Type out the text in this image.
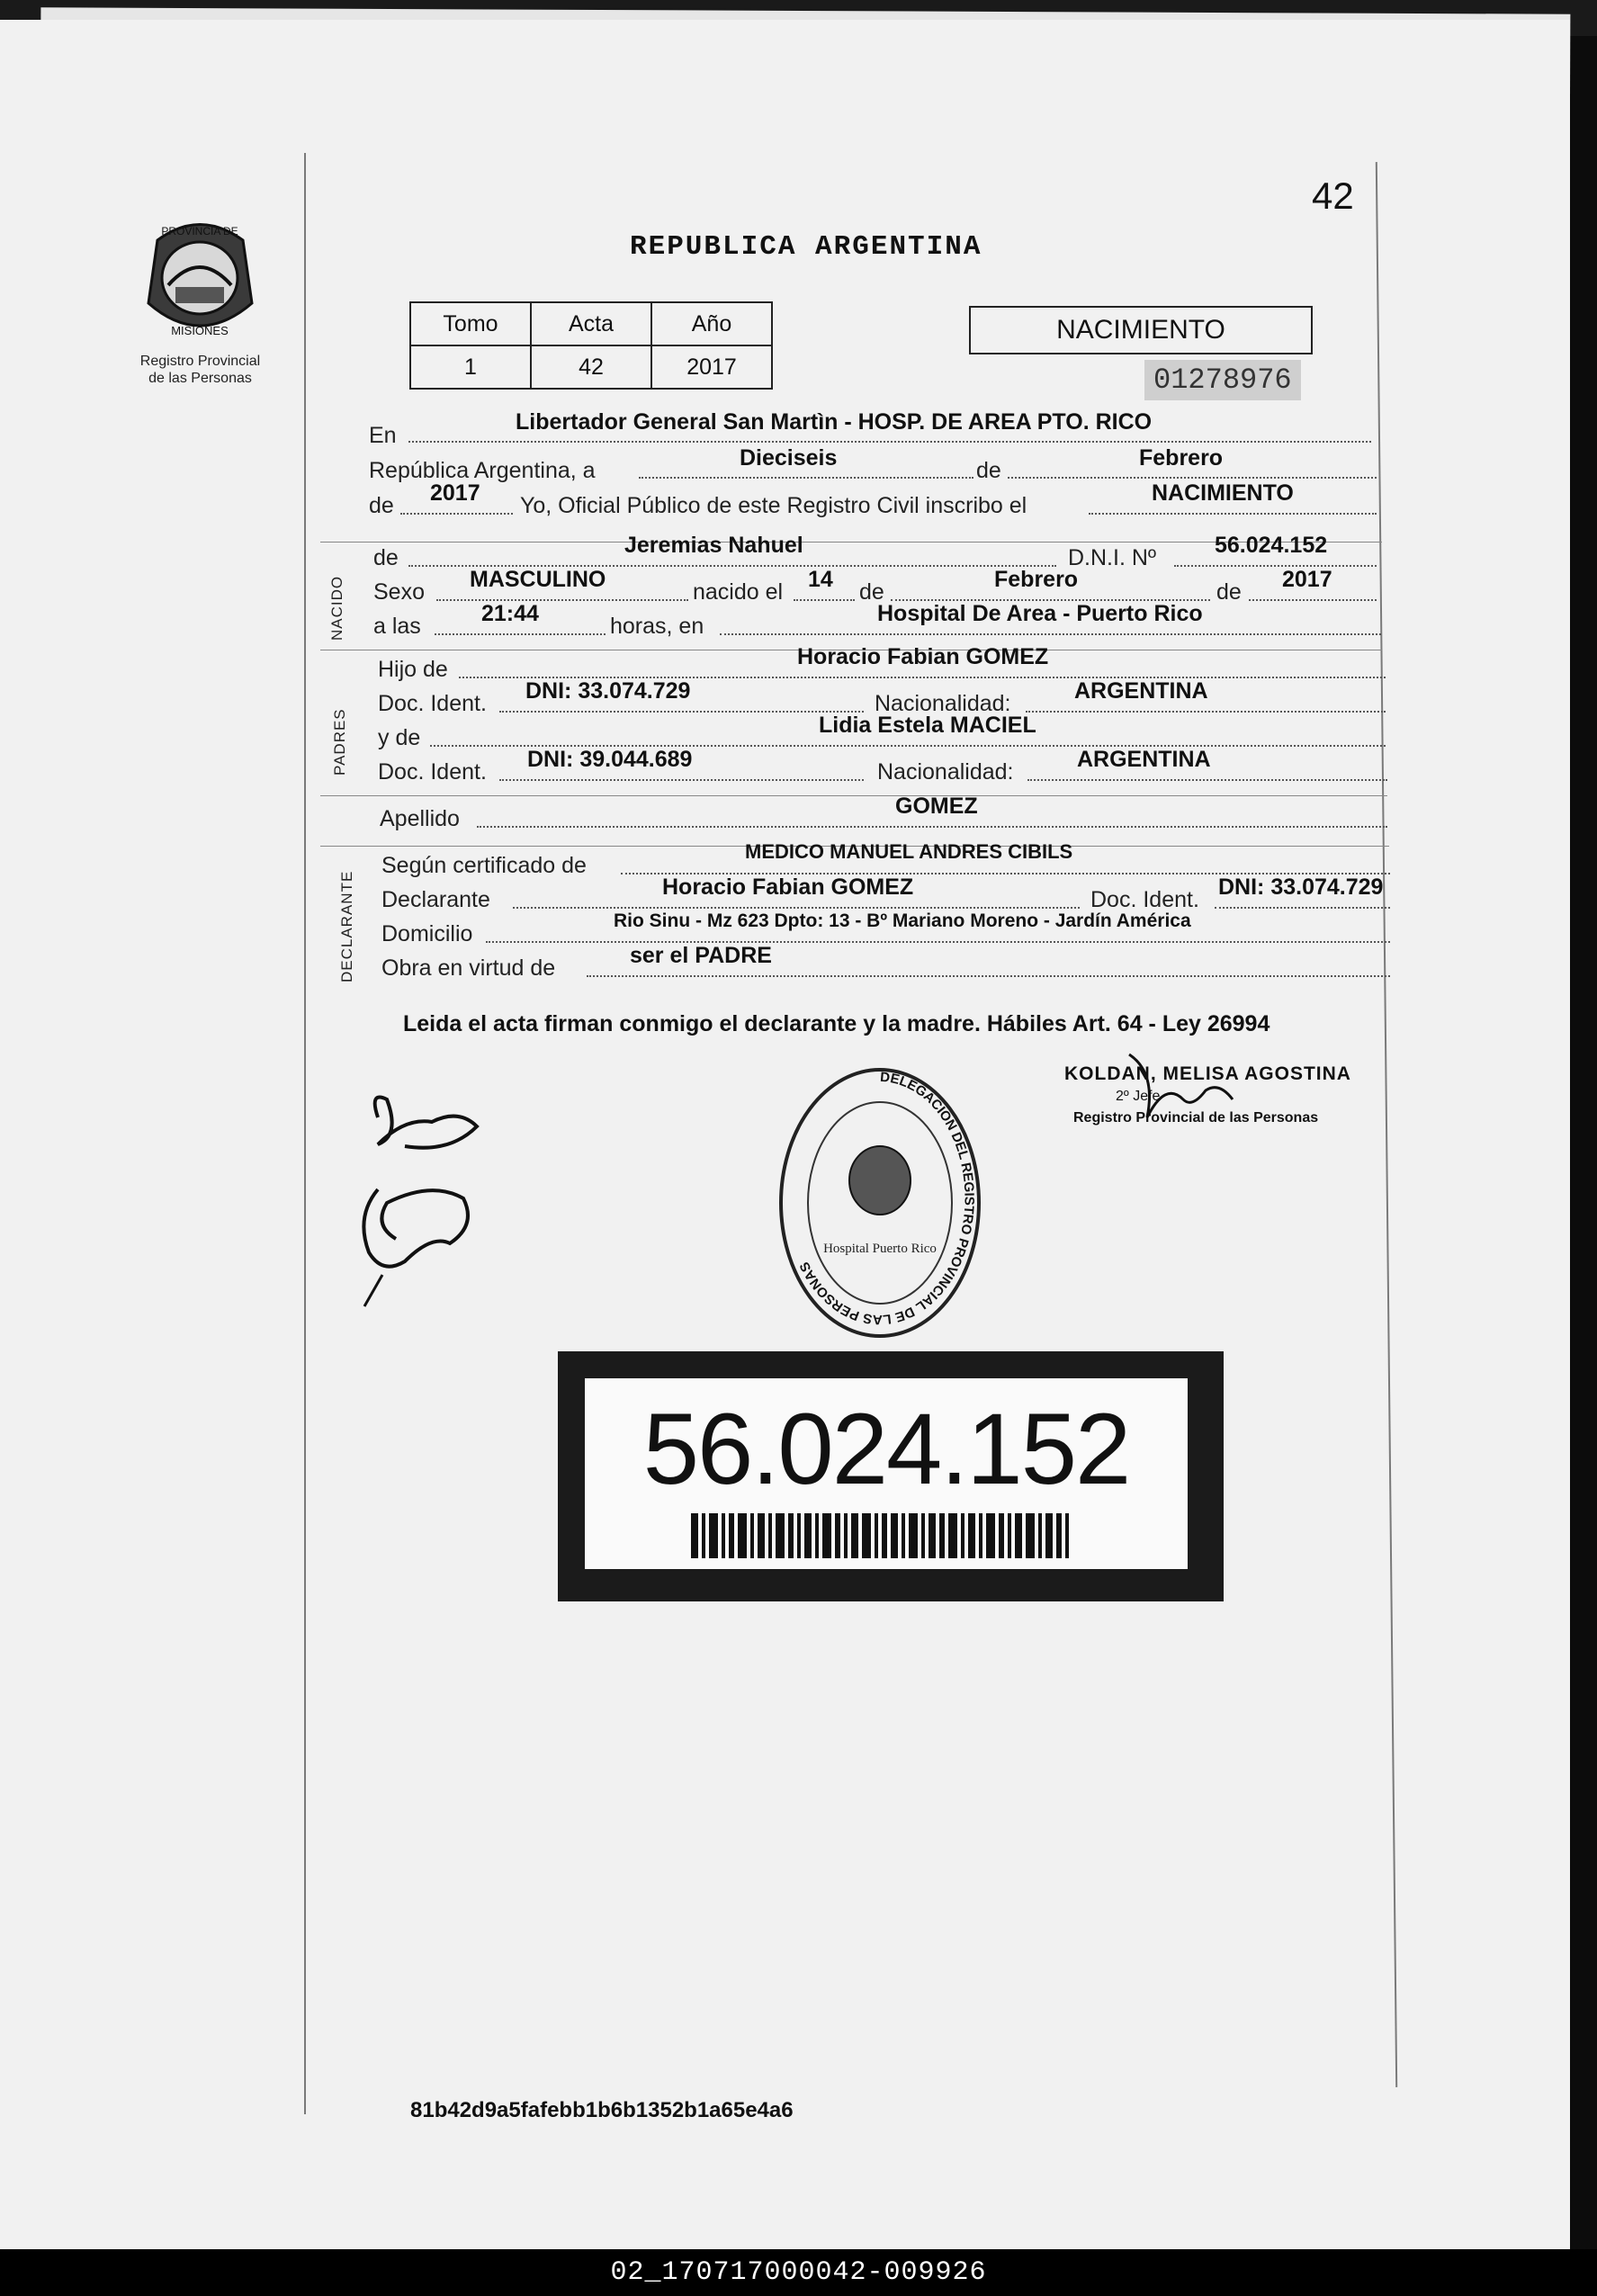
PROVINCIA DE
MISIONES
Registro Provincial
de las Personas
42
REPUBLICA ARGENTINA
Tomo	Acta	Año
1	42	2017
NACIMIENTO
01278976
En
Libertador General San Martìn - HOSP. DE AREA PTO. RICO
República Argentina, a	Dieciseis	de	Febrero
de 2017 Yo, Oficial Público de este Registro Civil inscribo el	NACIMIENTO
NACIDO
de	Jeremias Nahuel	D.N.I. Nº	56.024.152
Sexo MASCULINO	nacido el 14 de	Febrero	de 2017
a las	21:44	horas, en	Hospital De Area - Puerto Rico
PADRES
Hijo de	Horacio Fabian GOMEZ
Doc. Ident. DNI: 33.074.729	Nacionalidad:	ARGENTINA
y de	Lidia Estela MACIEL
Doc. Ident. DNI: 39.044.689	Nacionalidad:	ARGENTINA
Apellido	GOMEZ
DECLARANTE
Según certificado de
MEDICO MANUEL ANDRES CIBILS
Declarante	Horacio Fabian GOMEZ	Doc. Ident. DNI: 33.074.729
Domicilio
Rio Sinu - Mz 623 Dpto: 13 - Bº Mariano Moreno - Jardín América
Obra en virtud de	ser el PADRE
Leida el acta firman conmigo el declarante y la madre. Hábiles Art. 64 - Ley 26994
KOLDAN, MELISA AGOSTINA
2º Jefe
Registro Provincial de las Personas
DELEGACION DEL REGISTRO PROVINCIAL DE LAS PERSONAS
Hospital Puerto Rico
56.024.152
81b42d9a5fafebb1b6b1352b1a65e4a6
02_170717000042-009926
